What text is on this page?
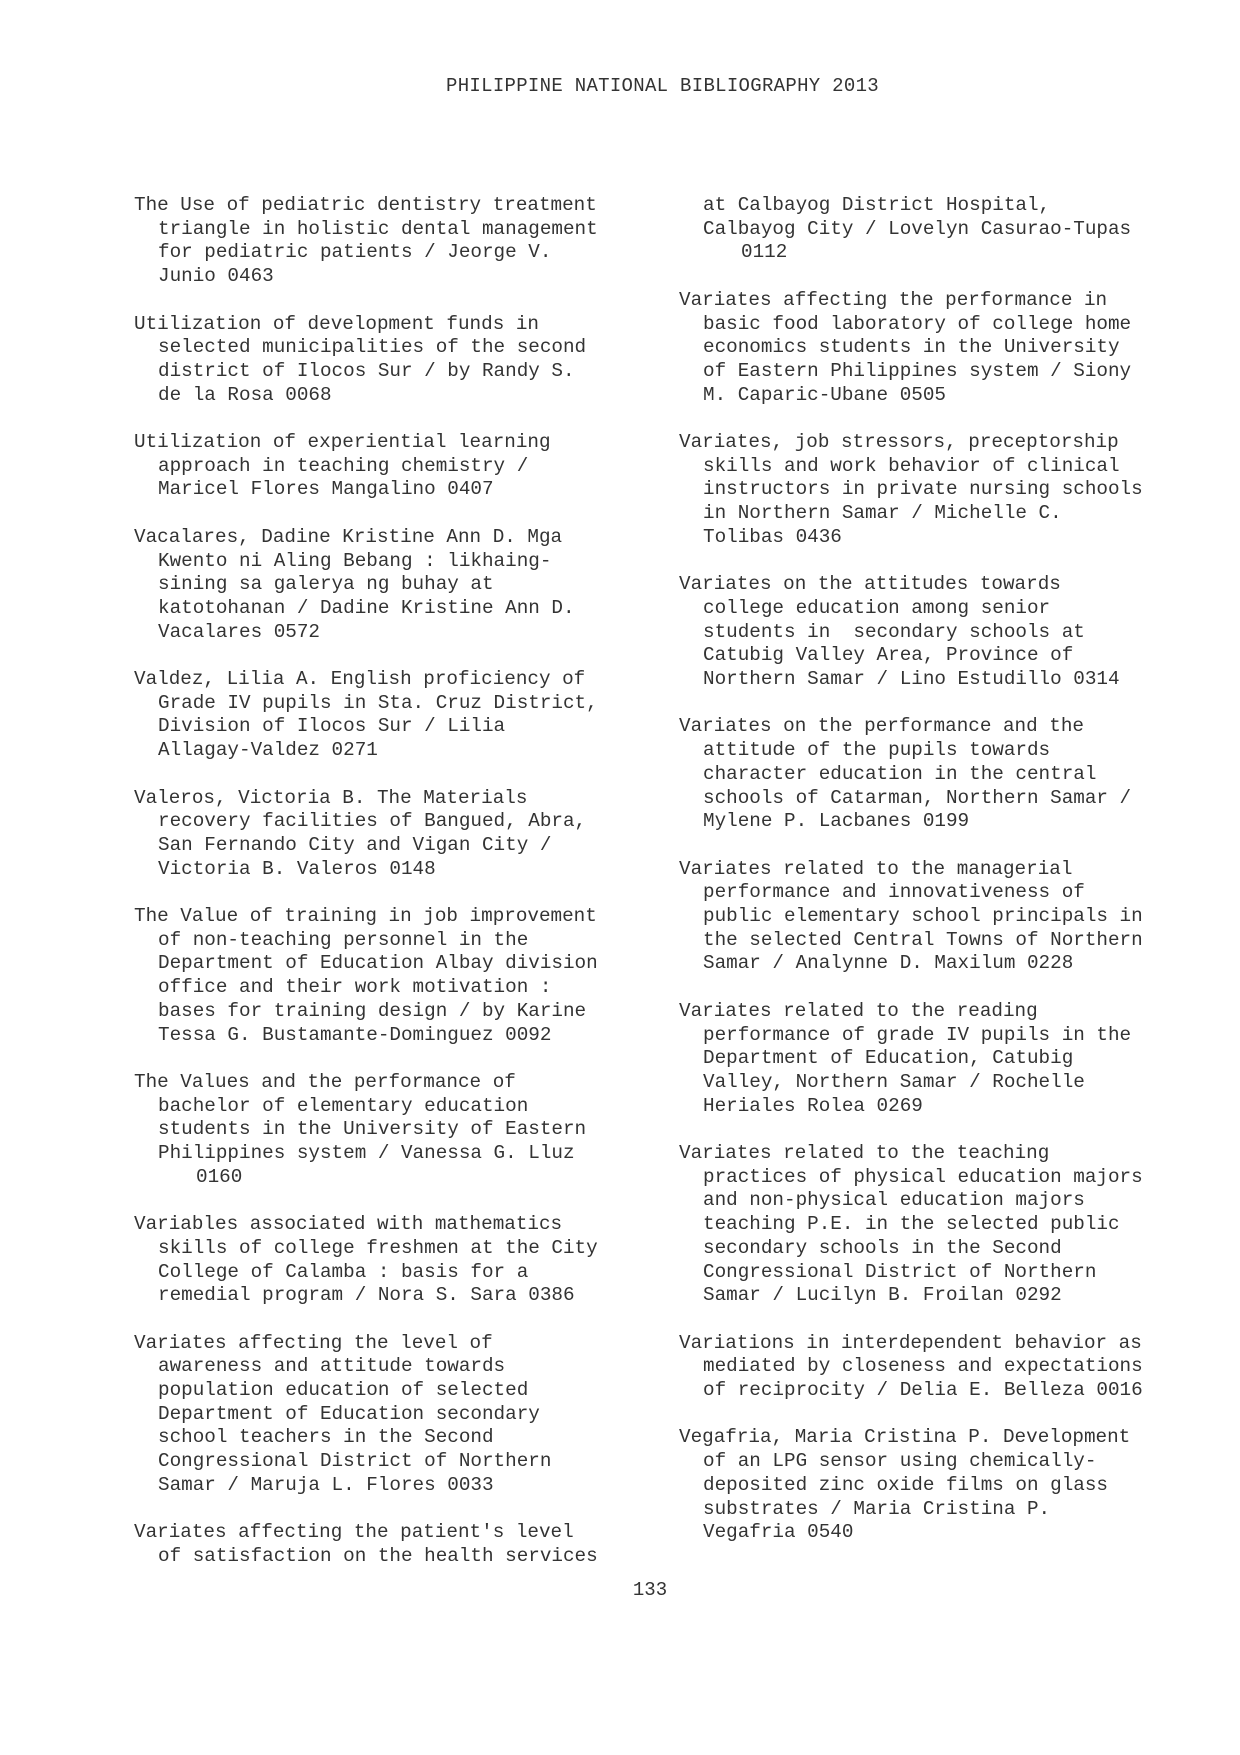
PHILIPPINE NATIONAL BIBLIOGRAPHY 2013
The Use of pediatric dentistry treatment
triangle in holistic dental management
for pediatric patients / Jeorge V.
Junio 0463
Utilization of development funds in
selected municipalities of the second
district of Ilocos Sur / by Randy S.
de la Rosa 0068
Utilization of experiential learning
approach in teaching chemistry /
Maricel Flores Mangalino 0407
Vacalares, Dadine Kristine Ann D. Mga
Kwento ni Aling Bebang : likhaing-
sining sa galerya ng buhay at
katotohanan / Dadine Kristine Ann D.
Vacalares 0572
Valdez, Lilia A. English proficiency of
Grade IV pupils in Sta. Cruz District,
Division of Ilocos Sur / Lilia
Allagay-Valdez 0271
Valeros, Victoria B. The Materials
recovery facilities of Bangued, Abra,
San Fernando City and Vigan City /
Victoria B. Valeros 0148
The Value of training in job improvement
of non-teaching personnel in the
Department of Education Albay division
office and their work motivation :
bases for training design / by Karine
Tessa G. Bustamante-Dominguez 0092
The Values and the performance of
bachelor of elementary education
students in the University of Eastern
Philippines system / Vanessa G. Lluz
0160
Variables associated with mathematics
skills of college freshmen at the City
College of Calamba : basis for a
remedial program / Nora S. Sara 0386
Variates affecting the level of
awareness and attitude towards
population education of selected
Department of Education secondary
school teachers in the Second
Congressional District of Northern
Samar / Maruja L. Flores 0033
Variates affecting the patient's level
of satisfaction on the health services
at Calbayog District Hospital,
Calbayog City / Lovelyn Casurao-Tupas
0112
Variates affecting the performance in
basic food laboratory of college home
economics students in the University
of Eastern Philippines system / Siony
M. Caparic-Ubane 0505
Variates, job stressors, preceptorship
skills and work behavior of clinical
instructors in private nursing schools
in Northern Samar / Michelle C.
Tolibas 0436
Variates on the attitudes towards
college education among senior
students in  secondary schools at
Catubig Valley Area, Province of
Northern Samar / Lino Estudillo 0314
Variates on the performance and the
attitude of the pupils towards
character education in the central
schools of Catarman, Northern Samar /
Mylene P. Lacbanes 0199
Variates related to the managerial
performance and innovativeness of
public elementary school principals in
the selected Central Towns of Northern
Samar / Analynne D. Maxilum 0228
Variates related to the reading
performance of grade IV pupils in the
Department of Education, Catubig
Valley, Northern Samar / Rochelle
Heriales Rolea 0269
Variates related to the teaching
practices of physical education majors
and non-physical education majors
teaching P.E. in the selected public
secondary schools in the Second
Congressional District of Northern
Samar / Lucilyn B. Froilan 0292
Variations in interdependent behavior as
mediated by closeness and expectations
of reciprocity / Delia E. Belleza 0016
Vegafria, Maria Cristina P. Development
of an LPG sensor using chemically-
deposited zinc oxide films on glass
substrates / Maria Cristina P.
Vegafria 0540
133
